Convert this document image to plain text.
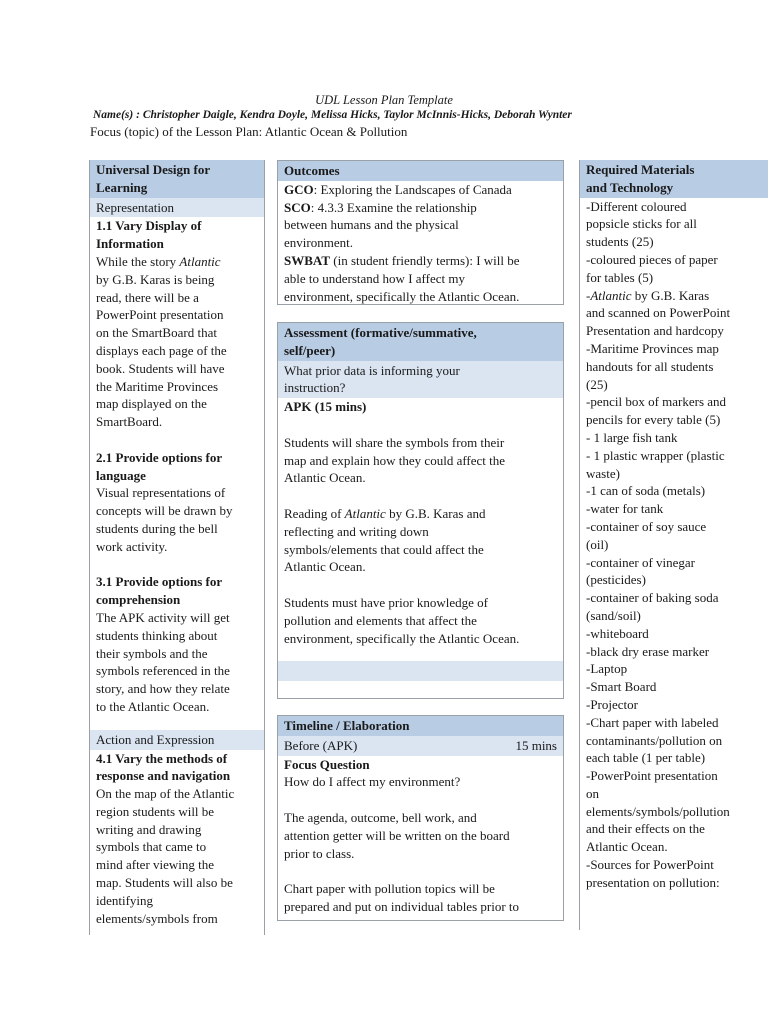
UDL Lesson Plan Template
Name(s) : Christopher Daigle, Kendra Doyle, Melissa Hicks, Taylor McInnis-Hicks, Deborah Wynter
Focus (topic) of the Lesson Plan: Atlantic Ocean & Pollution
Universal Design for
Learning
Representation
1.1 Vary Display of
Information
While the story Atlantic
by G.B. Karas is being
read, there will be a
PowerPoint presentation
on the SmartBoard that
displays each page of the
book. Students will have
the Maritime Provinces
map displayed on the
SmartBoard.
2.1 Provide options for
language
Visual representations of
concepts will be drawn by
students during the bell
work activity.
3.1 Provide options for
comprehension
The APK activity will get
students thinking about
their symbols and the
symbols referenced in the
story, and how they relate
to the Atlantic Ocean.
Action and Expression
4.1 Vary the methods of
response and navigation
On the map of the Atlantic
region students will be
writing and drawing
symbols that came to
mind after viewing the
map. Students will also be
identifying
elements/symbols from
Outcomes
GCO: Exploring the Landscapes of Canada
SCO: 4.3.3 Examine the relationship
between humans and the physical
environment.
SWBAT (in student friendly terms): I will be
able to understand how I affect my
environment, specifically the Atlantic Ocean.
Assessment (formative/summative,
self/peer)
What prior data is informing your
instruction?
APK (15 mins)
Students will share the symbols from their
map and explain how they could affect the
Atlantic Ocean.
Reading of Atlantic by G.B. Karas and
reflecting and writing down
symbols/elements that could affect the
Atlantic Ocean.
Students must have prior knowledge of
pollution and elements that affect the
environment, specifically the Atlantic Ocean.
Timeline / Elaboration
Before (APK)	15 mins
Focus Question
How do I affect my environment?
The agenda, outcome, bell work, and
attention getter will be written on the board
prior to class.
Chart paper with pollution topics will be
prepared and put on individual tables prior to
Required Materials
and Technology
-Different coloured
popsicle sticks for all
students (25)
-coloured pieces of paper
for tables (5)
-Atlantic by G.B. Karas
and scanned on PowerPoint
Presentation and hardcopy
-Maritime Provinces map
handouts for all students
(25)
-pencil box of markers and
pencils for every table (5)
- 1 large fish tank
- 1 plastic wrapper (plastic
waste)
-1 can of soda (metals)
-water for tank
-container of soy sauce
(oil)
-container of vinegar
(pesticides)
-container of baking soda
(sand/soil)
-whiteboard
-black dry erase marker
-Laptop
-Smart Board
-Projector
-Chart paper with labeled
contaminants/pollution on
each table (1 per table)
-PowerPoint presentation
on
elements/symbols/pollution
and their effects on the
Atlantic Ocean.
-Sources for PowerPoint
presentation on pollution:
